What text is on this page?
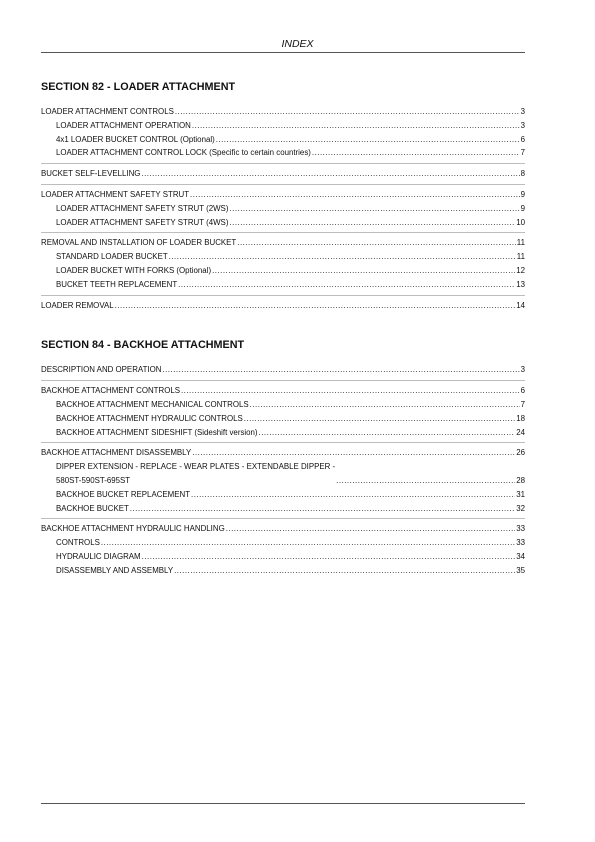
INDEX
SECTION 82 - LOADER ATTACHMENT
LOADER ATTACHMENT CONTROLS .....	3
LOADER ATTACHMENT OPERATION .....	3
4x1 LOADER BUCKET CONTROL (Optional) .....	6
LOADER ATTACHMENT CONTROL LOCK (Specific to certain countries) .....	7
BUCKET SELF-LEVELLING .....	8
LOADER ATTACHMENT SAFETY STRUT .....	9
LOADER ATTACHMENT SAFETY STRUT (2WS) .....	9
LOADER ATTACHMENT SAFETY STRUT (4WS) .....	10
REMOVAL AND INSTALLATION OF LOADER BUCKET .....	11
STANDARD LOADER BUCKET .....	11
LOADER BUCKET WITH FORKS (Optional) .....	12
BUCKET TEETH REPLACEMENT .....	13
LOADER REMOVAL .....	14
SECTION 84 - BACKHOE ATTACHMENT
DESCRIPTION AND OPERATION .....	3
BACKHOE ATTACHMENT CONTROLS .....	6
BACKHOE ATTACHMENT MECHANICAL CONTROLS .....	7
BACKHOE ATTACHMENT HYDRAULIC CONTROLS .....	18
BACKHOE ATTACHMENT SIDESHIFT (Sideshift version) .....	24
BACKHOE ATTACHMENT DISASSEMBLY .....	26
DIPPER EXTENSION - REPLACE - WEAR PLATES - EXTENDABLE DIPPER -
580ST-590ST-695ST .....	28
BACKHOE BUCKET REPLACEMENT .....	31
BACKHOE BUCKET .....	32
BACKHOE ATTACHMENT HYDRAULIC HANDLING .....	33
CONTROLS .....	33
HYDRAULIC DIAGRAM .....	34
DISASSEMBLY AND ASSEMBLY .....	35
